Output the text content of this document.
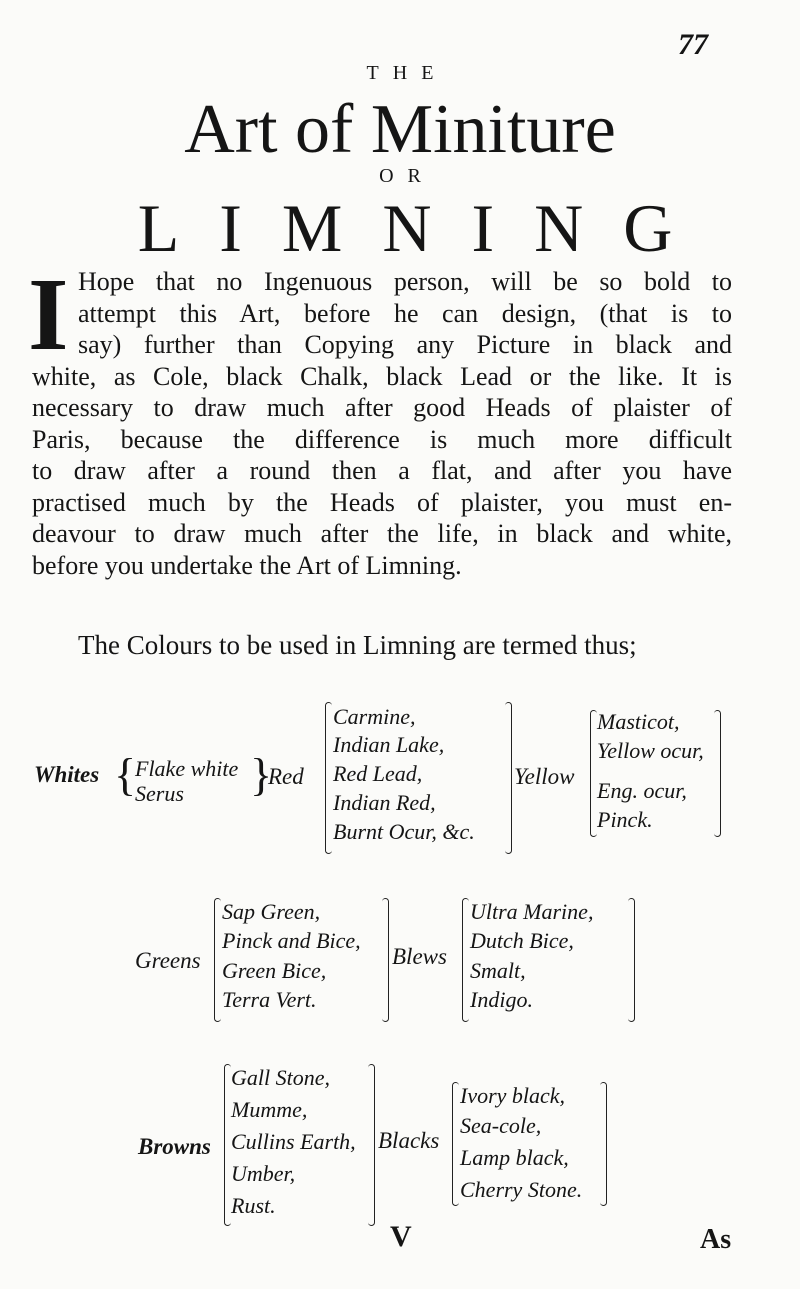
77
THE
Art of Miniture
OR
LIMNING
I Hope that no Ingenuous person, will be so bold to
attempt this Art, before he can design, (that is to
say) further than Copying any Picture in black and
white, as Cole, black Chalk, black Lead or the like. It is
necessary to draw much after good Heads of plaister of
Paris, because the difference is much more difficult
to draw after a round then a flat, and after you have
practised much by the Heads of plaister, you must en-
deavour to draw much after the life, in black and white,
before you undertake the Art of Limning.
The Colours to be used in Limning are termed thus;
Whites {
Flake white
Serus }
Red
Carmine,
Indian Lake,
Red Lead,
Indian Red,
Burnt Ocur, &c.
Yellow
Masticot,
Yellow ocur,
Eng. ocur,
Pinck.
Greens
Sap Green,
Pinck and Bice,
Green Bice,
Terra Vert.
Blews
Ultra Marine,
Dutch Bice,
Smalt,
Indigo.
Browns
Gall Stone,
Mumme,
Cullins Earth,
Umber,
Rust.
Blacks
Ivory black,
Sea-cole,
Lamp black,
Cherry Stone.
V	As
